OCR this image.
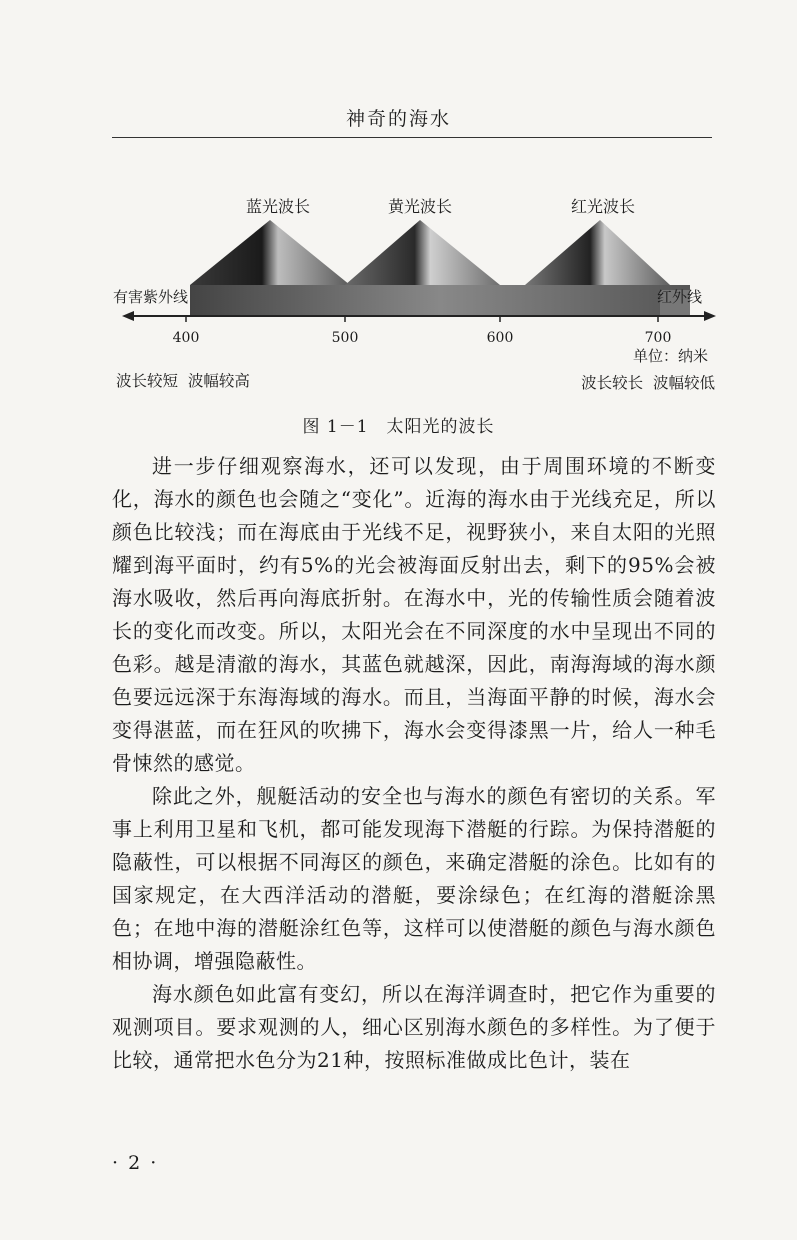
神奇的海水
蓝光波长	黄光波长	红光波长
有害紫外线	红外线
400	500	600	700
单位：纳米
波长较短  波幅较高	波长较长  波幅较低
图 1－1　太阳光的波长

进一步仔细观察海水，还可以发现，由于周围环境的不断变化，海水的颜色也会随之“变化”。近海的海水由于光线充足，所以颜色比较浅；而在海底由于光线不足，视野狭小，来自太阳的光照耀到海平面时，约有5%的光会被海面反射出去，剩下的95%会被海水吸收，然后再向海底折射。在海水中，光的传输性质会随着波长的变化而改变。所以，太阳光会在不同深度的水中呈现出不同的色彩。越是清澈的海水，其蓝色就越深，因此，南海海域的海水颜色要远远深于东海海域的海水。而且，当海面平静的时候，海水会变得湛蓝，而在狂风的吹拂下，海水会变得漆黑一片，给人一种毛骨悚然的感觉。

除此之外，舰艇活动的安全也与海水的颜色有密切的关系。军事上利用卫星和飞机，都可能发现海下潜艇的行踪。为保持潜艇的隐蔽性，可以根据不同海区的颜色，来确定潜艇的涂色。比如有的国家规定，在大西洋活动的潜艇，要涂绿色；在红海的潜艇涂黑色；在地中海的潜艇涂红色等，这样可以使潜艇的颜色与海水颜色相协调，增强隐蔽性。

海水颜色如此富有变幻，所以在海洋调查时，把它作为重要的观测项目。要求观测的人，细心区别海水颜色的多样性。为了便于比较，通常把水色分为21种，按照标准做成比色计，装在

· 2 ·
